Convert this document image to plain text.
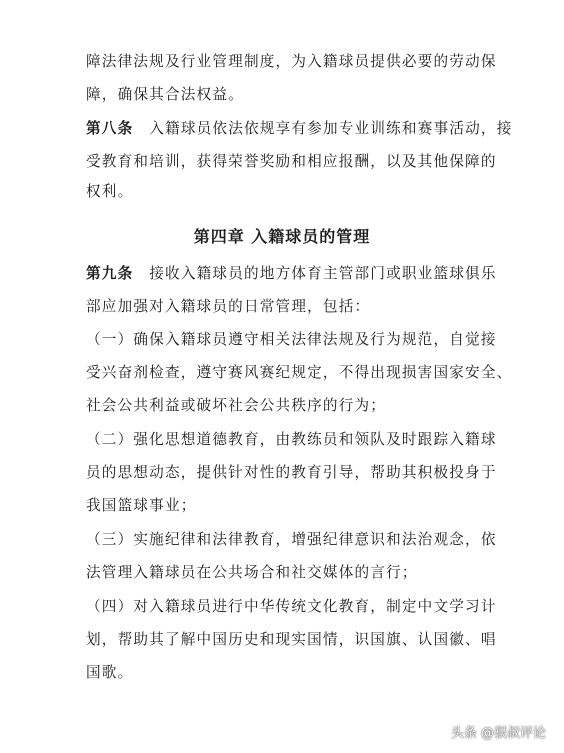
障法律法规及行业管理制度，为入籍球员提供必要的劳动保
障，确保其合法权益。
第八条 入籍球员依法依规享有参加专业训练和赛事活动，接
受教育和培训，获得荣誉奖励和相应报酬，以及其他保障的
权利。
第四章 入籍球员的管理
第九条 接收入籍球员的地方体育主管部门或职业篮球俱乐
部应加强对入籍球员的日常管理，包括：
（一）确保入籍球员遵守相关法律法规及行为规范，自觉接
受兴奋剂检查，遵守赛风赛纪规定，不得出现损害国家安全、
社会公共利益或破坏社会公共秩序的行为；
（二）强化思想道德教育，由教练员和领队及时跟踪入籍球
员的思想动态，提供针对性的教育引导，帮助其积极投身于
我国篮球事业；
（三）实施纪律和法律教育，增强纪律意识和法治观念，依
法管理入籍球员在公共场合和社交媒体的言行；
（四）对入籍球员进行中华传统文化教育，制定中文学习计
划，帮助其了解中国历史和现实国情，识国旗、认国徽、唱
国歌。
头条 @狠叔评论
